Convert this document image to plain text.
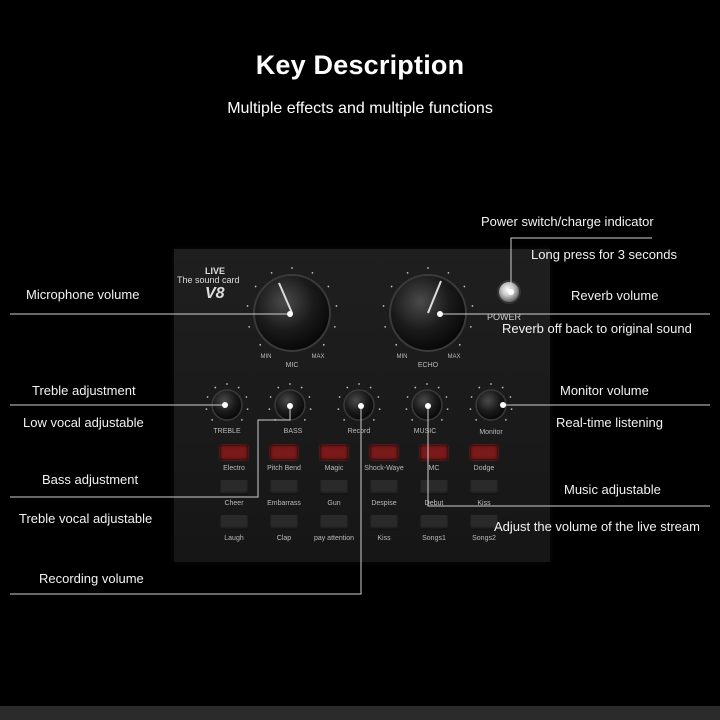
Key Description
Multiple effects and multiple functions
LIVE
The sound card
V8
POWER
MIC
MIN	MAX
ECHO
MIN	MAX
TREBLE	BASS	Record	MUSIC	Monitor
Electro	Pitch Bend	Magic	Shock-Waye	MC	Dodge
Cheer	Embarrass	Gun	Despise	Debut	Kiss
Laugh	Clap	pay attention	Kiss	Songs1	Songs2
Microphone volume
Treble adjustment
Low vocal adjustable
Bass adjustment
Treble vocal adjustable
Recording volume
Power switch/charge indicator
Long press for 3 seconds
Reverb volume
Reverb off back to original sound
Monitor volume
Real-time listening
Music adjustable
Adjust the volume of the live stream
